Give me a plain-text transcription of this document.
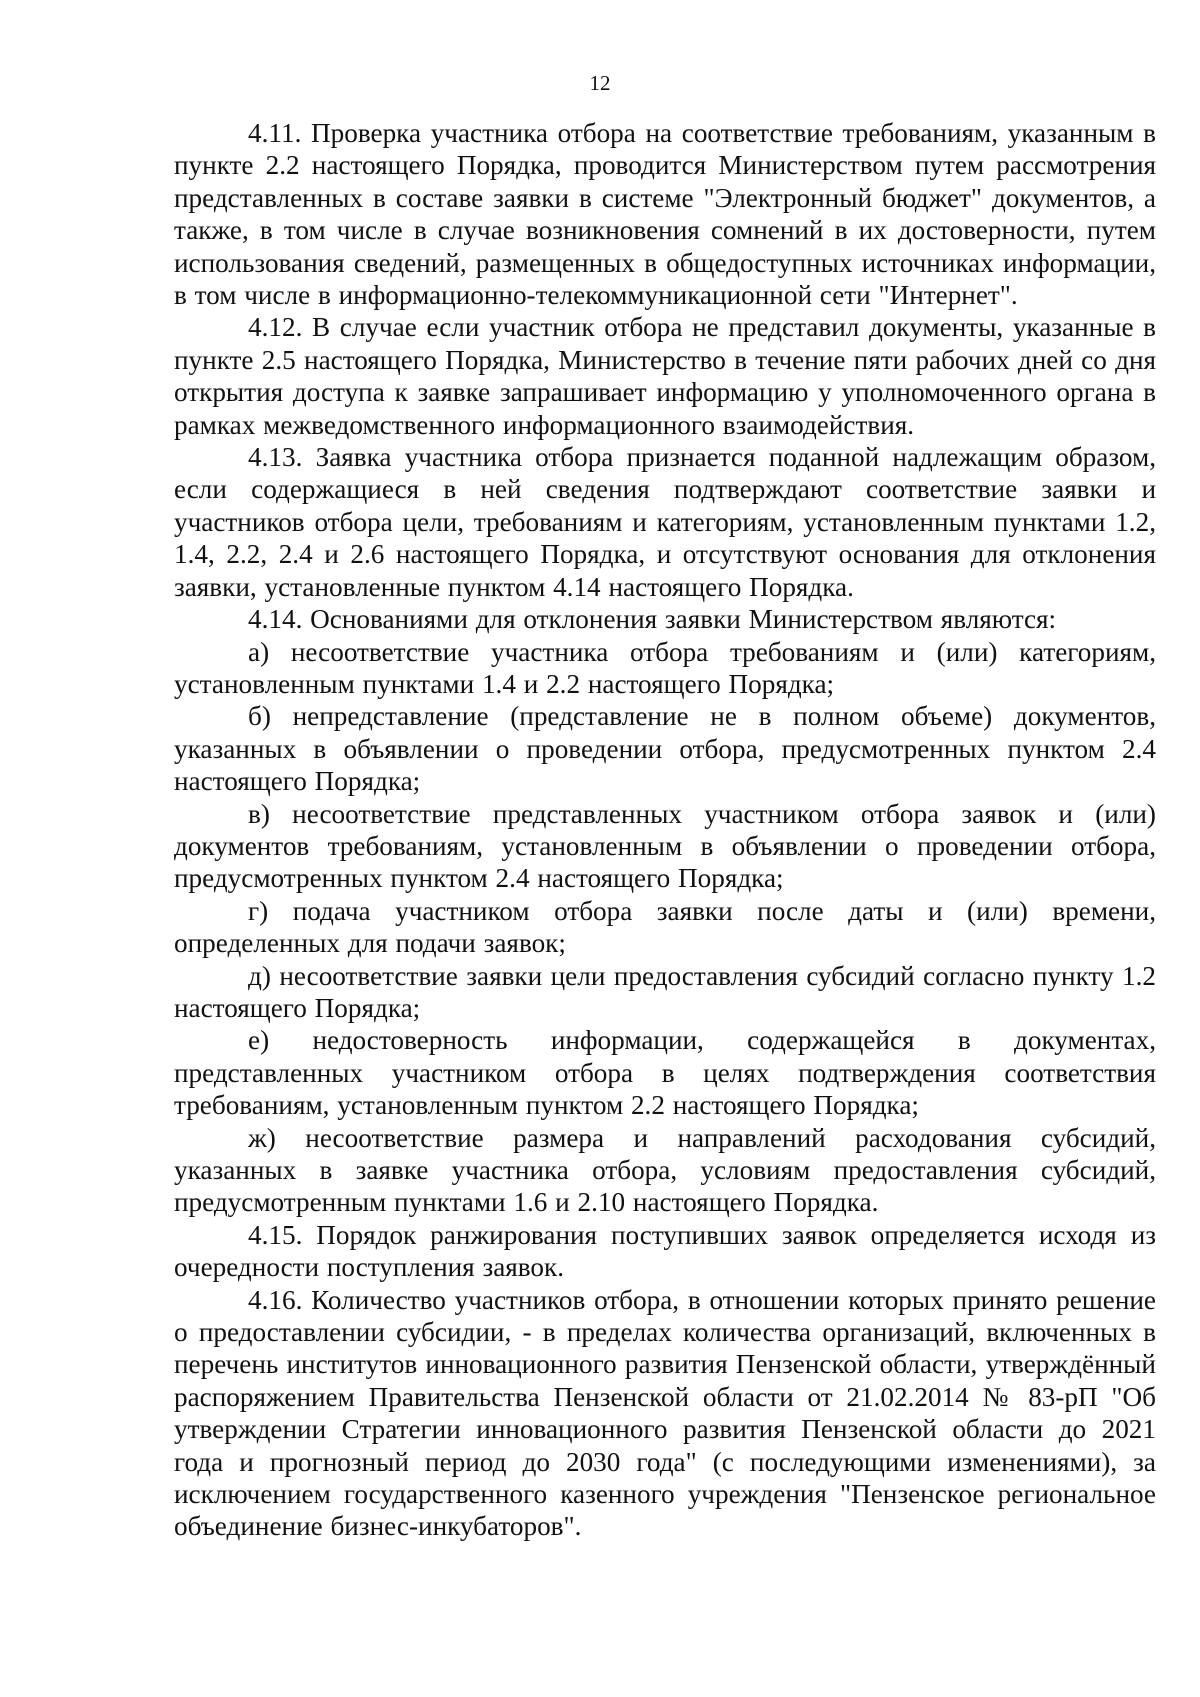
12

4.11. Проверка участника отбора на соответствие требованиям, указанным в пункте 2.2 настоящего Порядка, проводится Министерством путем рассмотрения представленных в составе заявки в системе "Электронный бюджет" документов, а также, в том числе в случае возникновения сомнений в их достоверности, путем использования сведений, размещенных в общедоступных источниках информации, в том числе в информационно-телекоммуникационной сети "Интернет".

4.12. В случае если участник отбора не представил документы, указанные в пункте 2.5 настоящего Порядка, Министерство в течение пяти рабочих дней со дня открытия доступа к заявке запрашивает информацию у уполномоченного органа в рамках межведомственного информационного взаимодействия.

4.13. Заявка участника отбора признается поданной надлежащим образом, если содержащиеся в ней сведения подтверждают соответствие заявки и участников отбора цели, требованиям и категориям, установленным пунктами 1.2, 1.4, 2.2, 2.4 и 2.6 настоящего Порядка, и отсутствуют основания для отклонения заявки, установленные пунктом 4.14 настоящего Порядка.

4.14. Основаниями для отклонения заявки Министерством являются:

а) несоответствие участника отбора требованиям и (или) категориям, установленным пунктами 1.4 и 2.2 настоящего Порядка;

б) непредставление (представление не в полном объеме) документов, указанных в объявлении о проведении отбора, предусмотренных пунктом 2.4 настоящего Порядка;

в) несоответствие представленных участником отбора заявок и (или) документов требованиям, установленным в объявлении о проведении отбора, предусмотренных пунктом 2.4 настоящего Порядка;

г) подача участником отбора заявки после даты и (или) времени, определенных для подачи заявок;

д) несоответствие заявки цели предоставления субсидий согласно пункту 1.2 настоящего Порядка;

е) недостоверность информации, содержащейся в документах, представленных участником отбора в целях подтверждения соответствия требованиям, установленным пунктом 2.2 настоящего Порядка;

ж) несоответствие размера и направлений расходования субсидий, указанных в заявке участника отбора, условиям предоставления субсидий, предусмотренным пунктами 1.6 и 2.10 настоящего Порядка.

4.15. Порядок ранжирования поступивших заявок определяется исходя из очередности поступления заявок.

4.16. Количество участников отбора, в отношении которых принято решение о предоставлении субсидии, - в пределах количества организаций, включенных в перечень институтов инновационного развития Пензенской области, утверждённый распоряжением Правительства Пензенской области от 21.02.2014 № 83-рП "Об утверждении Стратегии инновационного развития Пензенской области до 2021 года и прогнозный период до 2030 года" (с последующими изменениями), за исключением государственного казенного учреждения "Пензенское региональное объединение бизнес-инкубаторов".
